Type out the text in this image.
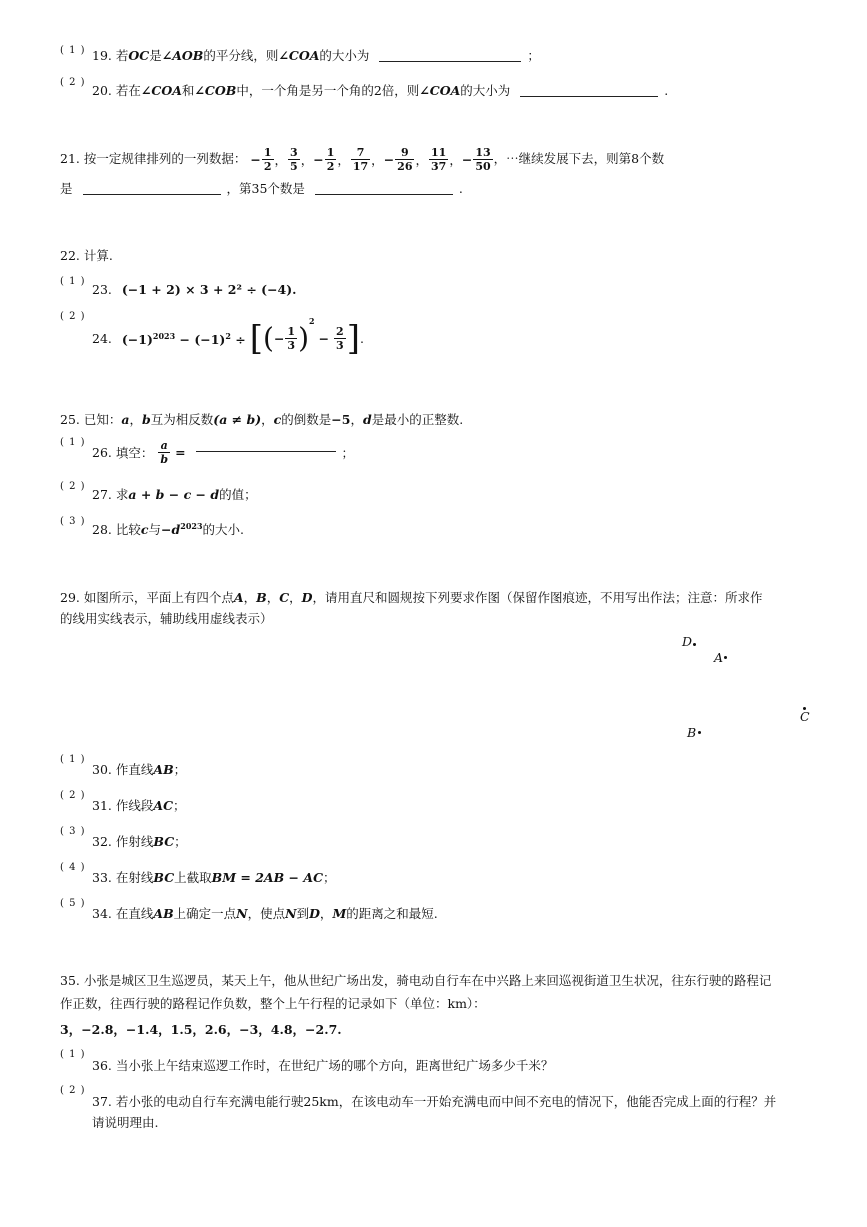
( 1 ) 19. 若OC是∠AOB的平分线，则∠COA的大小为	；
( 2 )
20. 若在∠COA和∠COB中，一个角是另一个角的2倍，则∠COA的大小为	.
21. 按一定规律排列的一列数据： − $\frac{1}{2}$ ， $\frac{3}{5}$ ，− $\frac{1}{2}$ ， $\frac{7}{17}$ ，− $\frac{9}{26}$ ， $\frac{11}{37}$ ，− $\frac{13}{50}$ ，⋯继续发展下去，则第8个数
是	，第35个数是	.
22. 计算.
( 1 )
23. (−1 + 2) × 3 + 2² ÷ (−4).
( 2 )
24. $(-1)^{2023} - (-1)^2$ ÷ [(− $\frac{1}{3} )^2 - \frac{2}{3}$ ].
25. 已知：a，b互为相反数(a ≠ b)，c的倒数是−5，d是最小的正整数.
( 1 )
26. 填空： $\frac{a}{b}$ =	；
( 2 )
27. 求a + b − c − d的值；
( 3 )
28. 比较c与$-d^{2023}$的大小.
29. 如图所示，平面上有四个点A，B，C，D，请用直尺和圆规按下列要求作图（保留作图痕迹，不用写出作法；注意：所求作
的线用实线表示，辅助线用虚线表示）
D
A
C
B
( 1 )
30. 作直线AB；
( 2 )
31. 作线段AC；
( 3 )
32. 作射线BC；
( 4 )
33. 在射线BC上截取BM = 2AB − AC；
( 5 )
34. 在直线AB上确定一点N，使点N到D，M的距离之和最短.
35. 小张是城区卫生巡逻员，某天上午，他从世纪广场出发，骑电动自行车在中兴路上来回巡视街道卫生状况，往东行驶的路程记
作正数，往西行驶的路程记作负数，整个上午行程的记录如下（单位：km）：
3，−2.8，−1.4，1.5，2.6，−3，4.8，−2.7.
( 1 )
36. 当小张上午结束巡逻工作时，在世纪广场的哪个方向，距离世纪广场多少千米？
( 2 )
37. 若小张的电动自行车充满电能行驶25km，在该电动车一开始充满电而中间不充电的情况下，他能否完成上面的行程？并
请说明理由.
